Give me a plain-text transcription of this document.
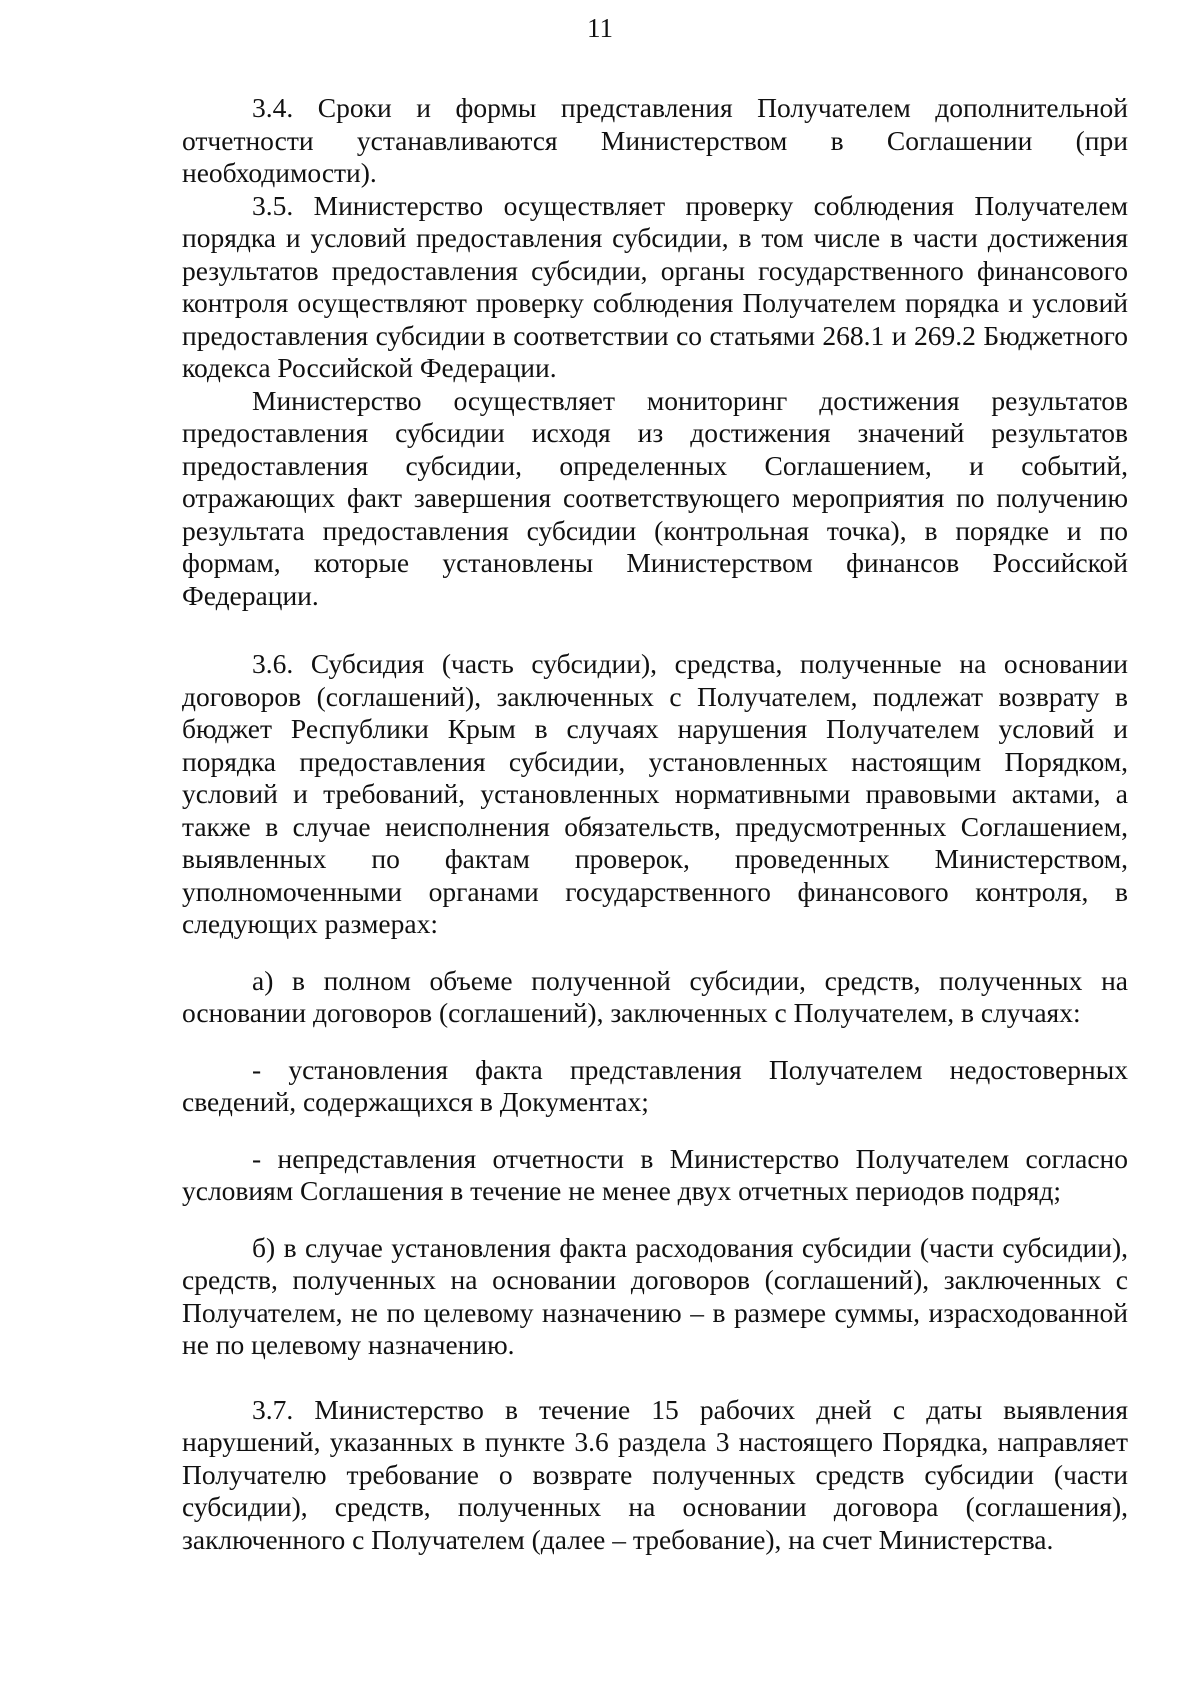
11

3.4. Сроки и формы представления Получателем дополнительной отчетности устанавливаются Министерством в Соглашении (при необходимости).

3.5. Министерство осуществляет проверку соблюдения Получателем порядка и условий предоставления субсидии, в том числе в части достижения результатов предоставления субсидии, органы государственного финансового контроля осуществляют проверку соблюдения Получателем порядка и условий предоставления субсидии в соответствии со статьями 268.1 и 269.2 Бюджетного кодекса Российской Федерации.

Министерство осуществляет мониторинг достижения результатов предоставления субсидии исходя из достижения значений результатов предоставления субсидии, определенных Соглашением, и событий, отражающих факт завершения соответствующего мероприятия по получению результата предоставления субсидии (контрольная точка), в порядке и по формам, которые установлены Министерством финансов Российской Федерации.

3.6. Субсидия (часть субсидии), средства, полученные на основании договоров (соглашений), заключенных с Получателем, подлежат возврату в бюджет Республики Крым в случаях нарушения Получателем условий и порядка предоставления субсидии, установленных настоящим Порядком, условий и требований, установленных нормативными правовыми актами, а также в случае неисполнения обязательств, предусмотренных Соглашением, выявленных по фактам проверок, проведенных Министерством, уполномоченными органами государственного финансового контроля, в следующих размерах:

а) в полном объеме полученной субсидии, средств, полученных на основании договоров (соглашений), заключенных с Получателем, в случаях:

- установления факта представления Получателем недостоверных сведений, содержащихся в Документах;

- непредставления отчетности в Министерство Получателем согласно условиям Соглашения в течение не менее двух отчетных периодов подряд;

б) в случае установления факта расходования субсидии (части субсидии), средств, полученных на основании договоров (соглашений), заключенных с Получателем, не по целевому назначению – в размере суммы, израсходованной не по целевому назначению.

3.7. Министерство в течение 15 рабочих дней с даты выявления нарушений, указанных в пункте 3.6 раздела 3 настоящего Порядка, направляет Получателю требование о возврате полученных средств субсидии (части субсидии), средств, полученных на основании договора (соглашения), заключенного с Получателем (далее – требование), на счет Министерства.
